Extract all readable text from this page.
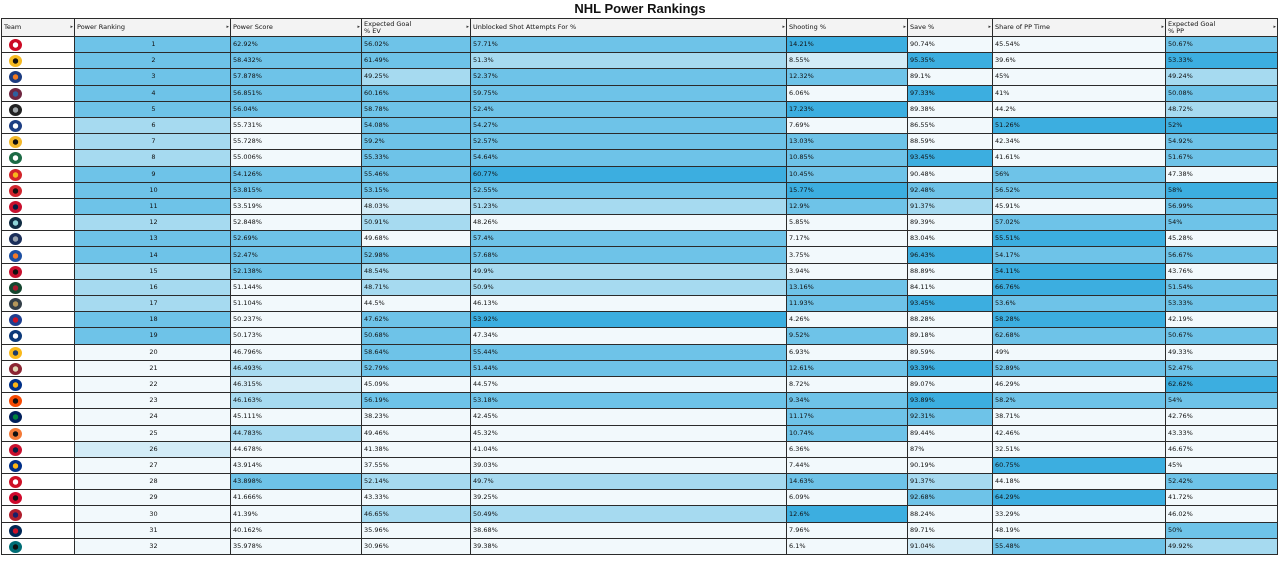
NHL Power Rankings
Team ▸	Power Ranking ▸	Power Score ▸	Expected Goal % EV ▸	Unblocked Shot Attempts For % ▸	Shooting % ▸	Save % ▸	Share of PP Time ▸	Expected Goal % PP ▸

	1	62.92%	56.02%	57.71%	14.21%	90.74%	45.54%	50.67%

	2	58.432%	61.49%	51.3%	8.55%	95.35%	39.6%	53.33%

	3	57.878%	49.25%	52.37%	12.32%	89.1%	45%	49.24%

	4	56.851%	60.16%	59.75%	6.06%	97.33%	41%	50.08%

	5	56.04%	58.78%	52.4%	17.23%	89.38%	44.2%	48.72%

	6	55.731%	54.08%	54.27%	7.69%	86.55%	51.26%	52%

	7	55.728%	59.2%	52.57%	13.03%	88.59%	42.34%	54.92%

	8	55.006%	55.33%	54.64%	10.85%	93.45%	41.61%	51.67%

	9	54.126%	55.46%	60.77%	10.45%	90.48%	56%	47.38%

	10	53.815%	53.15%	52.55%	15.77%	92.48%	56.52%	58%

	11	53.519%	48.03%	51.23%	12.9%	91.37%	45.91%	56.99%

	12	52.848%	50.91%	48.26%	5.85%	89.39%	57.02%	54%

	13	52.69%	49.68%	57.4%	7.17%	83.04%	55.51%	45.28%

	14	52.47%	52.98%	57.68%	3.75%	96.43%	54.17%	56.67%

	15	52.138%	48.54%	49.9%	3.94%	88.89%	54.11%	43.76%

	16	51.144%	48.71%	50.9%	13.16%	84.11%	66.76%	51.54%

	17	51.104%	44.5%	46.13%	11.93%	93.45%	53.6%	53.33%

	18	50.237%	47.62%	53.92%	4.26%	88.28%	58.28%	42.19%

	19	50.173%	50.68%	47.34%	9.52%	89.18%	62.68%	50.67%

	20	46.796%	58.64%	55.44%	6.93%	89.59%	49%	49.33%

	21	46.493%	52.79%	51.44%	12.61%	93.39%	52.89%	52.47%

	22	46.315%	45.09%	44.57%	8.72%	89.07%	46.29%	62.62%

	23	46.163%	56.19%	53.18%	9.34%	93.89%	58.2%	54%

	24	45.111%	38.23%	42.45%	11.17%	92.31%	38.71%	42.76%

	25	44.783%	49.46%	45.32%	10.74%	89.44%	42.46%	43.33%

	26	44.678%	41.38%	41.04%	6.36%	87%	32.51%	46.67%

	27	43.914%	37.55%	39.03%	7.44%	90.19%	60.75%	45%

	28	43.898%	52.14%	49.7%	14.63%	91.37%	44.18%	52.42%

	29	41.666%	43.33%	39.25%	6.09%	92.68%	64.29%	41.72%

	30	41.39%	46.65%	50.49%	12.6%	88.24%	33.29%	46.02%

	31	40.162%	35.96%	38.68%	7.96%	89.71%	48.19%	50%

	32	35.978%	30.96%	39.38%	6.1%	91.04%	55.48%	49.92%
